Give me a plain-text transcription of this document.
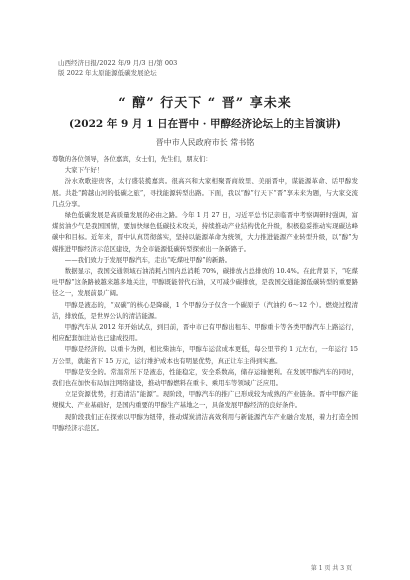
山西经济日报/2022 年/9 月/3 日/第 003
版 2022 年太原能源低碳发展论坛
“ 醇” 行天下 “ 晋” 享未来
(2022 年 9 月 1 日在晋中 · 甲醇经济论坛上的主旨演讲)
晋中市人民政府市长 常书铭

尊敬的各位领导，各位嘉宾，女士们，先生们，朋友们：

大家下午好！

汾水欢歌迎贵客，太行盛装揽嘉宾。很高兴和大家相聚晋商故里、美丽晋中，谋能源革命、话甲醇发展。共赴“跨越山河的低碳之旅”，寻找能源转型出路。下面，我以“醇”行天下“晋”享未来为题，与大家交流几点分享。

绿色低碳发展是高质量发展的必由之路。今年 1 月 27 日，习近平总书记亲临晋中考察调研时强调，富煤贫油少气是我国国情，要加快绿色低碳技术攻关，持续推动产业结构优化升级，积极稳妥推动实现碳达峰碳中和目标。近年来，晋中认真贯彻落实，坚持以能源革命为统领，大力推进能源产业转型升级，以“醇”为媒推进甲醇经济示范区建设，为全市能源低碳转型探索出一条新路子。

——我们致力于发展甲醇汽车，走出“吃煤吐甲醇”的新路。

数据显示，我国交通领域石油消耗占国内总消耗 70%，碳排放占总排放的 10.4%。在此背景下，“吃煤吐甲醇”这条路被越来越多地关注，甲醇既能替代石油，又可减少碳排放，是我国交通能源低碳转型的重要路径之一，发展前景广阔。

甲醇是液态的，“双碳”的核心是降碳，1 个甲醇分子仅含一个碳原子（汽油约 6～12 个）。燃烧过程清洁，排放低，是世界公认的清洁能源。

甲醇汽车从 2012 年开始试点，到目前，晋中市已有甲醇出租车、甲醇重卡等各类甲醇汽车上路运行，相应配套加注站也已建成投用。

甲醇是经济的。以重卡为例，相比柴油车，甲醇车运营成本更低，每公里节约 1 元左右，一年运行 15 万公里，就能省下 15 万元，运行维护成本也有明显优势，真正让车主得到实惠。

甲醇是安全的。常温常压下是液态，性能稳定，安全系数高，储存运输便利。在发展甲醇汽车的同时，我们也在加快布局加注网络建设，推动甲醇燃料在重卡、乘用车等领域广泛应用。

立足资源优势，打造清洁“能源”。现阶段，甲醇汽车的推广已形成较为成熟的产业链条。晋中甲醇产能规模大、产业基础好，是国内重要的甲醇生产基地之一，具备发展甲醇经济的良好条件。

现阶段我们正在探索以甲醇为纽带，推动煤炭清洁高效利用与新能源汽车产业融合发展，着力打造全国甲醇经济示范区。

第 1 页 共 3 页
